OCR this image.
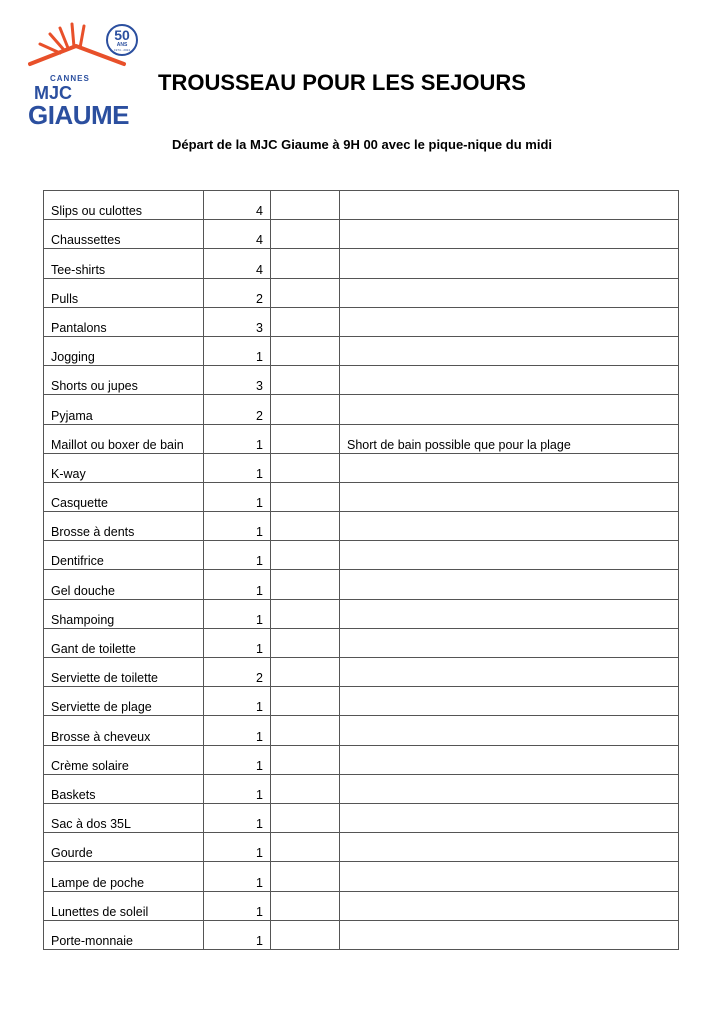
50
ANS
1974 - 2024
CANNES
MJC
GIAUME
TROUSSEAU POUR LES SEJOURS

Départ de la MJC Giaume à 9H 00 avec le pique-nique du midi

Slips ou culottes	4		
Chaussettes	4		
Tee-shirts	4		
Pulls	2		
Pantalons	3		
Jogging	1		
Shorts ou jupes	3		
Pyjama	2		
Maillot ou boxer de bain	1		Short de bain possible que pour la plage
K-way	1		
Casquette	1		
Brosse à dents	1		
Dentifrice	1		
Gel douche	1		
Shampoing	1		
Gant de toilette	1		
Serviette de toilette	2		
Serviette de plage	1		
Brosse à cheveux	1		
Crème solaire	1		
Baskets	1		
Sac à dos 35L	1		
Gourde	1		
Lampe de poche	1		
Lunettes de soleil	1		
Porte-monnaie	1		
